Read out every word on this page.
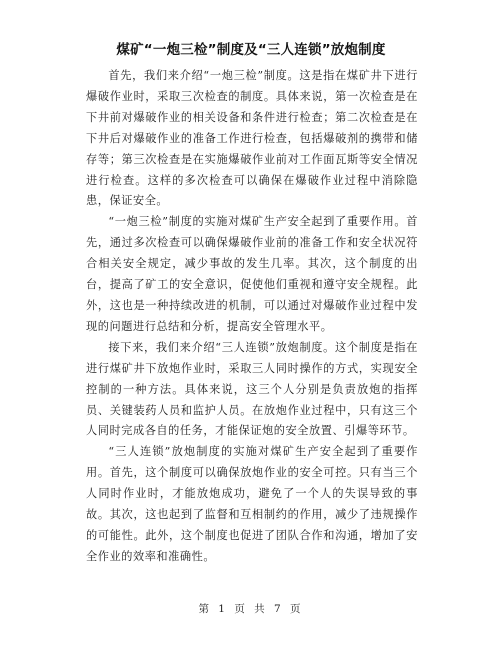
煤矿“一炮三检”制度及“三人连锁”放炮制度

首先，我们来介绍“一炮三检”制度。这是指在煤矿井下进行爆破作业时，采取三次检查的制度。具体来说，第一次检查是在下井前对爆破作业的相关设备和条件进行检查；第二次检查是在下井后对爆破作业的准备工作进行检查，包括爆破剂的携带和储存等；第三次检查是在实施爆破作业前对工作面瓦斯等安全情况进行检查。这样的多次检查可以确保在爆破作业过程中消除隐患，保证安全。

“一炮三检”制度的实施对煤矿生产安全起到了重要作用。首先，通过多次检查可以确保爆破作业前的准备工作和安全状况符合相关安全规定，减少事故的发生几率。其次，这个制度的出台，提高了矿工的安全意识，促使他们重视和遵守安全规程。此外，这也是一种持续改进的机制，可以通过对爆破作业过程中发现的问题进行总结和分析，提高安全管理水平。

接下来，我们来介绍“三人连锁”放炮制度。这个制度是指在进行煤矿井下放炮作业时，采取三人同时操作的方式，实现安全控制的一种方法。具体来说，这三个人分别是负责放炮的指挥员、关键装药人员和监护人员。在放炮作业过程中，只有这三个人同时完成各自的任务，才能保证炮的安全放置、引爆等环节。

“三人连锁”放炮制度的实施对煤矿生产安全起到了重要作用。首先，这个制度可以确保放炮作业的安全可控。只有当三个人同时作业时，才能放炮成功，避免了一个人的失误导致的事故。其次，这也起到了监督和互相制约的作用，减少了违规操作的可能性。此外，这个制度也促进了团队合作和沟通，增加了安全作业的效率和准确性。

第 1 页 共 7 页
